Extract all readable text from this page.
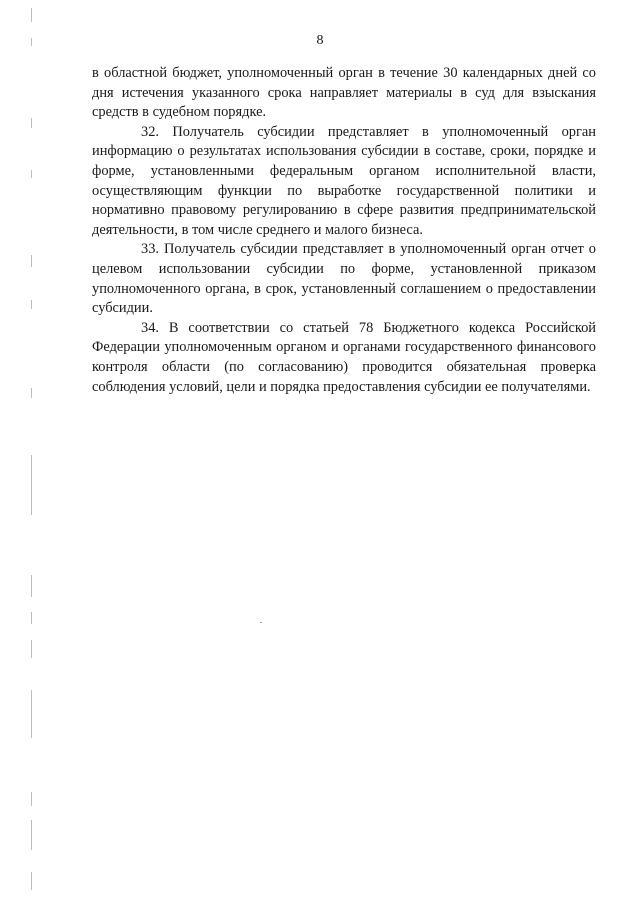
8

в областной бюджет, уполномоченный орган в течение 30 календарных дней со дня истечения указанного срока направляет материалы в суд для взыскания средств в судебном порядке.

32. Получатель субсидии представляет в уполномоченный орган информацию о результатах использования субсидии в составе, сроки, порядке и форме, установленными федеральным органом исполнительной власти, осуществляющим функции по выработке государственной политики и нормативно правовому регулированию в сфере развития предпринимательской деятельности, в том числе среднего и малого бизнеса.

33. Получатель субсидии представляет в уполномоченный орган отчет о целевом использовании субсидии по форме, установленной приказом уполномоченного органа, в срок, установленный соглашением о предоставлении субсидии.

34. В соответствии со статьей 78 Бюджетного кодекса Российской Федерации уполномоченным органом и органами государственного финансового контроля области (по согласованию) проводится обязательная проверка соблюдения условий, цели и порядка предоставления субсидии ее получателями.
